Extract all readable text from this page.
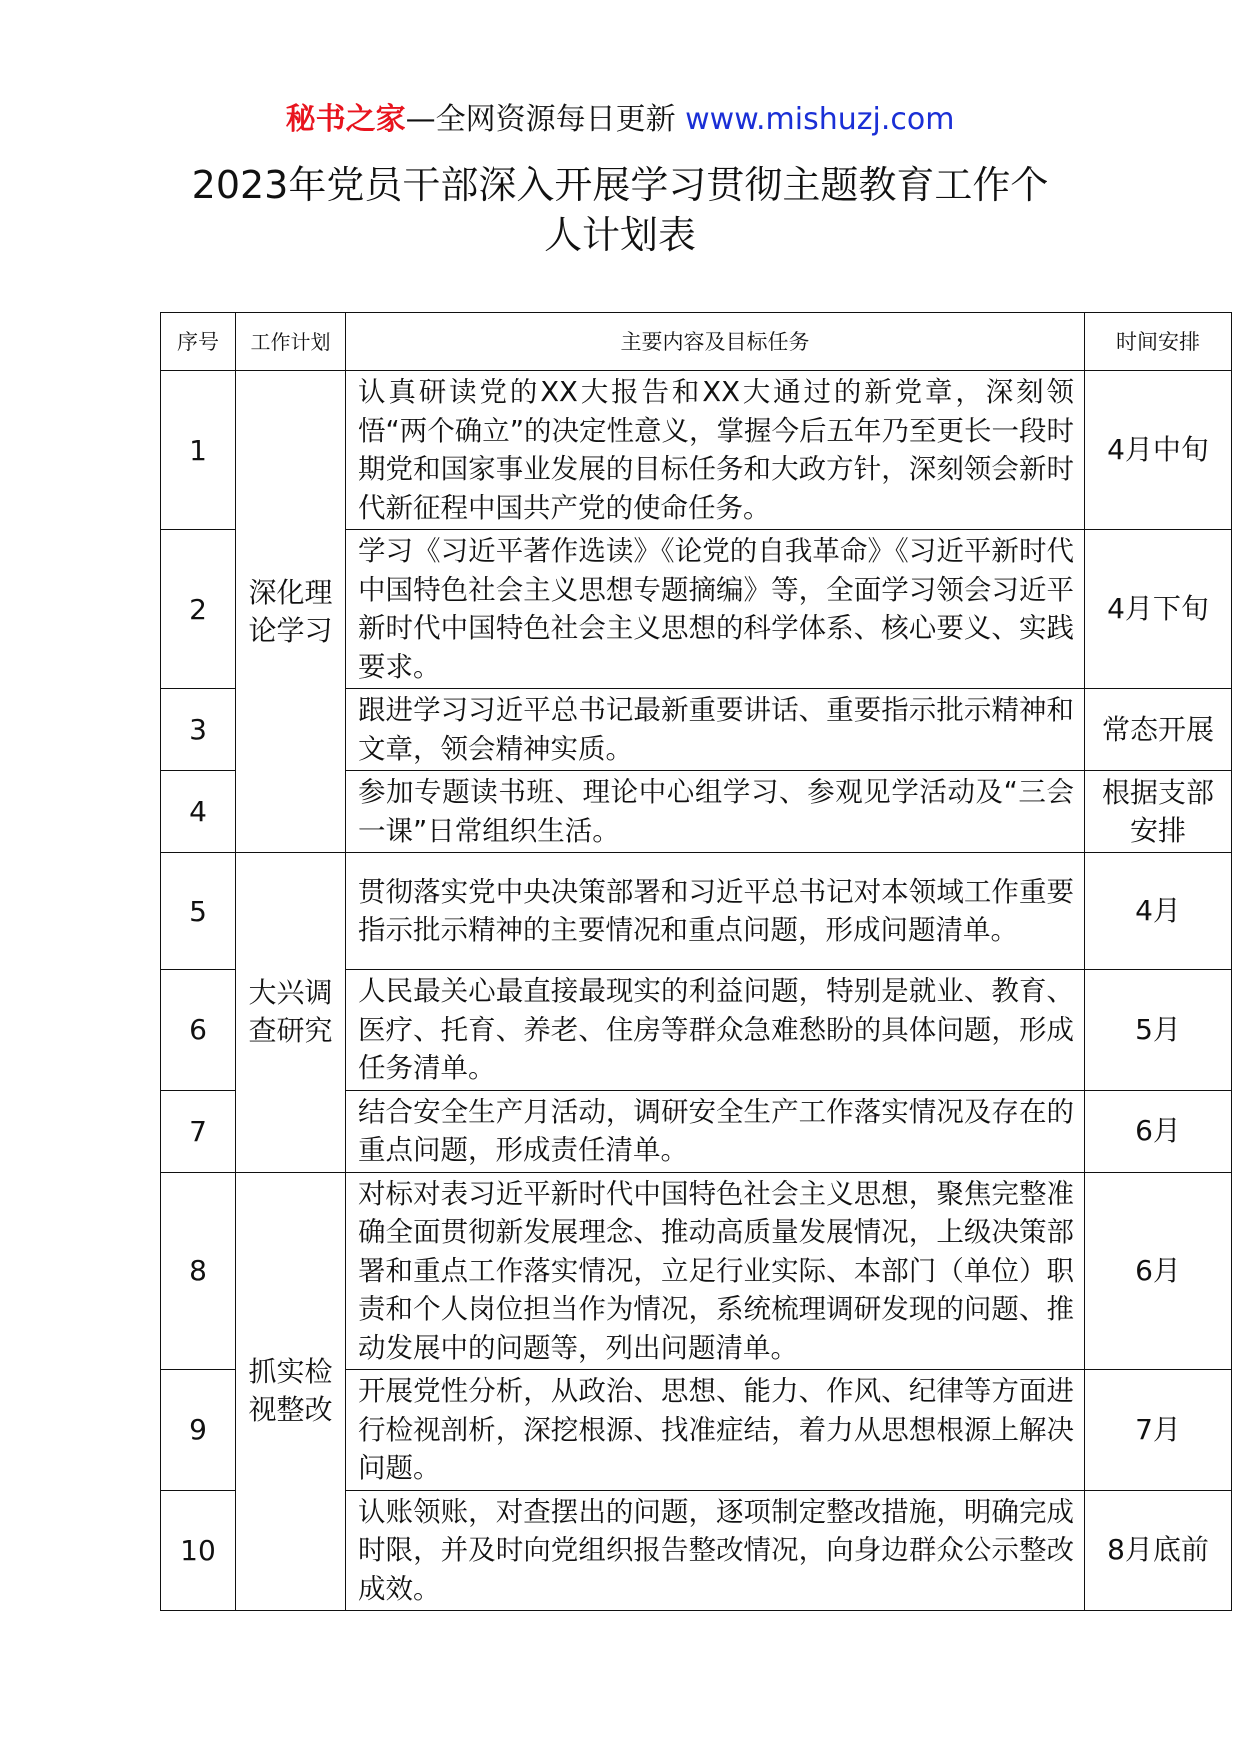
秘书之家—全网资源每日更新 www.mishuzj.com
2023年党员干部深入开展学习贯彻主题教育工作个人计划表
序号	工作计划	主要内容及目标任务	时间安排
1	深化理论学习	认真研读党的XX大报告和XX大通过的新党章，深刻领悟“两个确立”的决定性意义，掌握今后五年乃至更长一段时期党和国家事业发展的目标任务和大政方针，深刻领会新时代新征程中国共产党的使命任务。	4月中旬
2		学习《习近平著作选读》《论党的自我革命》《习近平新时代中国特色社会主义思想专题摘编》等，全面学习领会习近平新时代中国特色社会主义思想的科学体系、核心要义、实践要求。	4月下旬
3		跟进学习习近平总书记最新重要讲话、重要指示批示精神和文章，领会精神实质。	常态开展
4		参加专题读书班、理论中心组学习、参观见学活动及“三会一课”日常组织生活。	根据支部安排
5	大兴调查研究	贯彻落实党中央决策部署和习近平总书记对本领域工作重要指示批示精神的主要情况和重点问题，形成问题清单。	4月
6		人民最关心最直接最现实的利益问题，特别是就业、教育、医疗、托育、养老、住房等群众急难愁盼的具体问题，形成任务清单。	5月
7		结合安全生产月活动，调研安全生产工作落实情况及存在的重点问题，形成责任清单。	6月
8	抓实检视整改	对标对表习近平新时代中国特色社会主义思想，聚焦完整准确全面贯彻新发展理念、推动高质量发展情况，上级决策部署和重点工作落实情况，立足行业实际、本部门（单位）职责和个人岗位担当作为情况，系统梳理调研发现的问题、推动发展中的问题等，列出问题清单。	6月
9		开展党性分析，从政治、思想、能力、作风、纪律等方面进行检视剖析，深挖根源、找准症结，着力从思想根源上解决问题。	7月
10		认账领账，对查摆出的问题，逐项制定整改措施，明确完成时限，并及时向党组织报告整改情况，向身边群众公示整改成效。	8月底前
